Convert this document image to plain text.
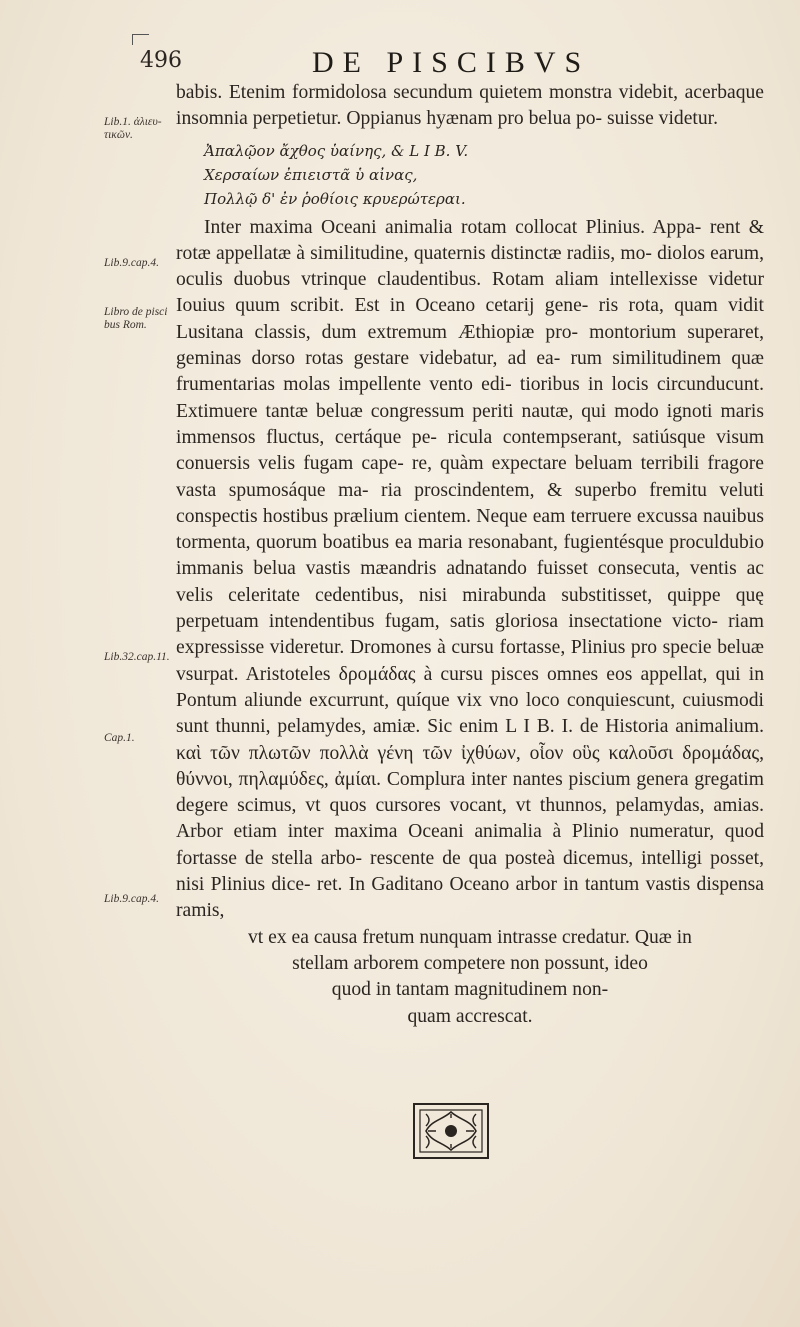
496	DE PISCIBVS
Lib.1. ἀλιευ- τικῶν.
Lib.9.cap.4.
Libro de pisci bus Rom.
Lib.32.cap.11.
Cap.1.
Lib.9.cap.4.

babis. Etenim formidolosa secundum quietem monstra videbit, acerbaque insomnia perpetietur. Oppianus hyænam pro belua po- suisse videtur.

Ἀπαλῷον ἄχθος ὑαίνης, & L I B. V.
Χερσαίων ἐπιειστᾶ ὑ αἰνας,
Πολλῷ δ' ἐν ῥοθίοις κρυερώτεραι.

Inter maxima Oceani animalia rotam collocat Plinius. Appa- rent & rotæ appellatæ à similitudine, quaternis distinctæ radiis, mo- diolos earum, oculis duobus vtrinque claudentibus. Rotam aliam intellexisse videtur Iouius quum scribit. Est in Oceano cetarij gene- ris rota, quam vidit Lusitana classis, dum extremum Æthiopiæ pro- montorium superaret, geminas dorso rotas gestare videbatur, ad ea- rum similitudinem quæ frumentarias molas impellente vento edi- tioribus in locis circunducunt. Extimuere tantæ beluæ congressum periti nautæ, qui modo ignoti maris immensos fluctus, certáque pe- ricula contempserant, satiúsque visum conuersis velis fugam cape- re, quàm expectare beluam terribili fragore vasta spumosáque ma- ria proscindentem, & superbo fremitu veluti conspectis hostibus prælium cientem. Neque eam terruere excussa nauibus tormenta, quorum boatibus ea maria resonabant, fugientésque proculdubio immanis belua vastis mæandris adnatando fuisset consecuta, ventis ac velis celeritate cedentibus, nisi mirabunda substitisset, quippe quę perpetuam intendentibus fugam, satis gloriosa insectatione victo- riam expressisse videretur. Dromones à cursu fortasse, Plinius pro specie beluæ vsurpat. Aristoteles δρομάδας à cursu pisces omnes eos appellat, qui in Pontum aliunde excurrunt, quíque vix vno loco conquiescunt, cuiusmodi sunt thunni, pelamydes, amiæ. Sic enim L I B. I. de Historia animalium. καὶ τῶν πλωτῶν πολλὰ γένη τῶν ἰχθύων, οἷον οὓς καλοῦσι δρομάδας, θύννοι, πηλαμύδες, ἀμίαι. Complura inter nantes piscium genera gregatim degere scimus, vt quos cursores vocant, vt thunnos, pelamydas, amias. Arbor etiam inter maxima Oceani animalia à Plinio numeratur, quod fortasse de stella arbo- rescente de qua posteà dicemus, intelligi posset, nisi Plinius dice- ret. In Gaditano Oceano arbor in tantum vastis dispensa ramis,

vt ex ea causa fretum nunquam intrasse credatur. Quæ in
stellam arborem competere non possunt, ideo
quod in tantam magnitudinem non-
quam accrescat.
